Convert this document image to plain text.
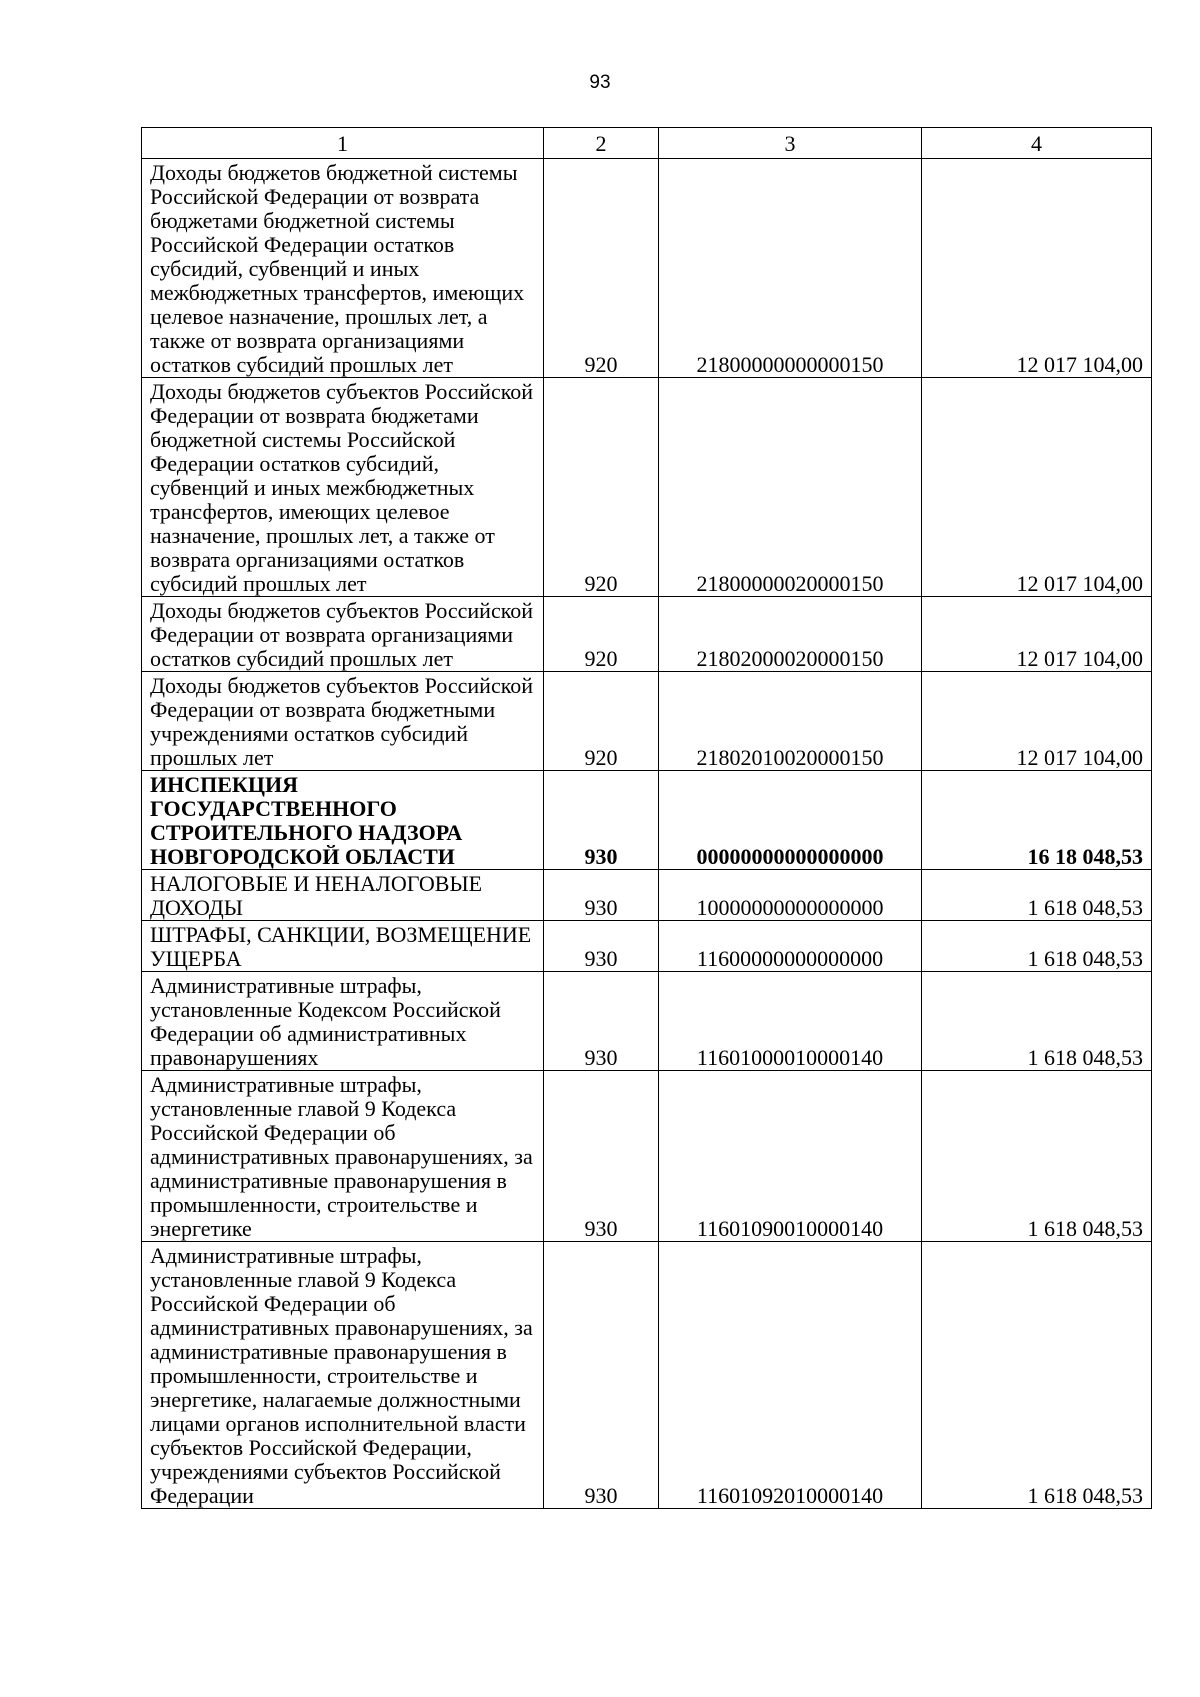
93
1	2	3	4
Доходы бюджетов бюджетной системы Российской Федерации от возврата бюджетами бюджетной системы Российской Федерации остатков субсидий, субвенций и иных межбюджетных трансфертов, имеющих целевое назначение, прошлых лет, а также от возврата организациями остатков субсидий прошлых лет	920	21800000000000150	12 017 104,00
Доходы бюджетов субъектов Российской Федерации от возврата бюджетами бюджетной системы Российской Федерации остатков субсидий, субвенций и иных межбюджетных трансфертов, имеющих целевое назначение, прошлых лет, а также от возврата организациями остатков субсидий прошлых лет	920	21800000020000150	12 017 104,00
Доходы бюджетов субъектов Российской Федерации от возврата организациями остатков субсидий прошлых лет	920	21802000020000150	12 017 104,00
Доходы бюджетов субъектов Российской Федерации от возврата бюджетными учреждениями остатков субсидий прошлых лет	920	21802010020000150	12 017 104,00
ИНСПЕКЦИЯ ГОСУДАРСТВЕННОГО СТРОИТЕЛЬНОГО НАДЗОРА НОВГОРОДСКОЙ ОБЛАСТИ	930	00000000000000000	16 18 048,53
НАЛОГОВЫЕ И НЕНАЛОГОВЫЕ ДОХОДЫ	930	10000000000000000	1 618 048,53
ШТРАФЫ, САНКЦИИ, ВОЗМЕЩЕНИЕ УЩЕРБА	930	11600000000000000	1 618 048,53
Административные штрафы, установленные Кодексом Российской Федерации об административных правонарушениях	930	11601000010000140	1 618 048,53
Административные штрафы, установленные главой 9 Кодекса Российской Федерации об административных правонарушениях, за административные правонарушения в промышленности, строительстве и энергетике	930	11601090010000140	1 618 048,53
Административные штрафы, установленные главой 9 Кодекса Российской Федерации об административных правонарушениях, за административные правонарушения в промышленности, строительстве и энергетике, налагаемые должностными лицами органов исполнительной власти субъектов Российской Федерации, учреждениями субъектов Российской Федерации	930	11601092010000140	1 618 048,53
